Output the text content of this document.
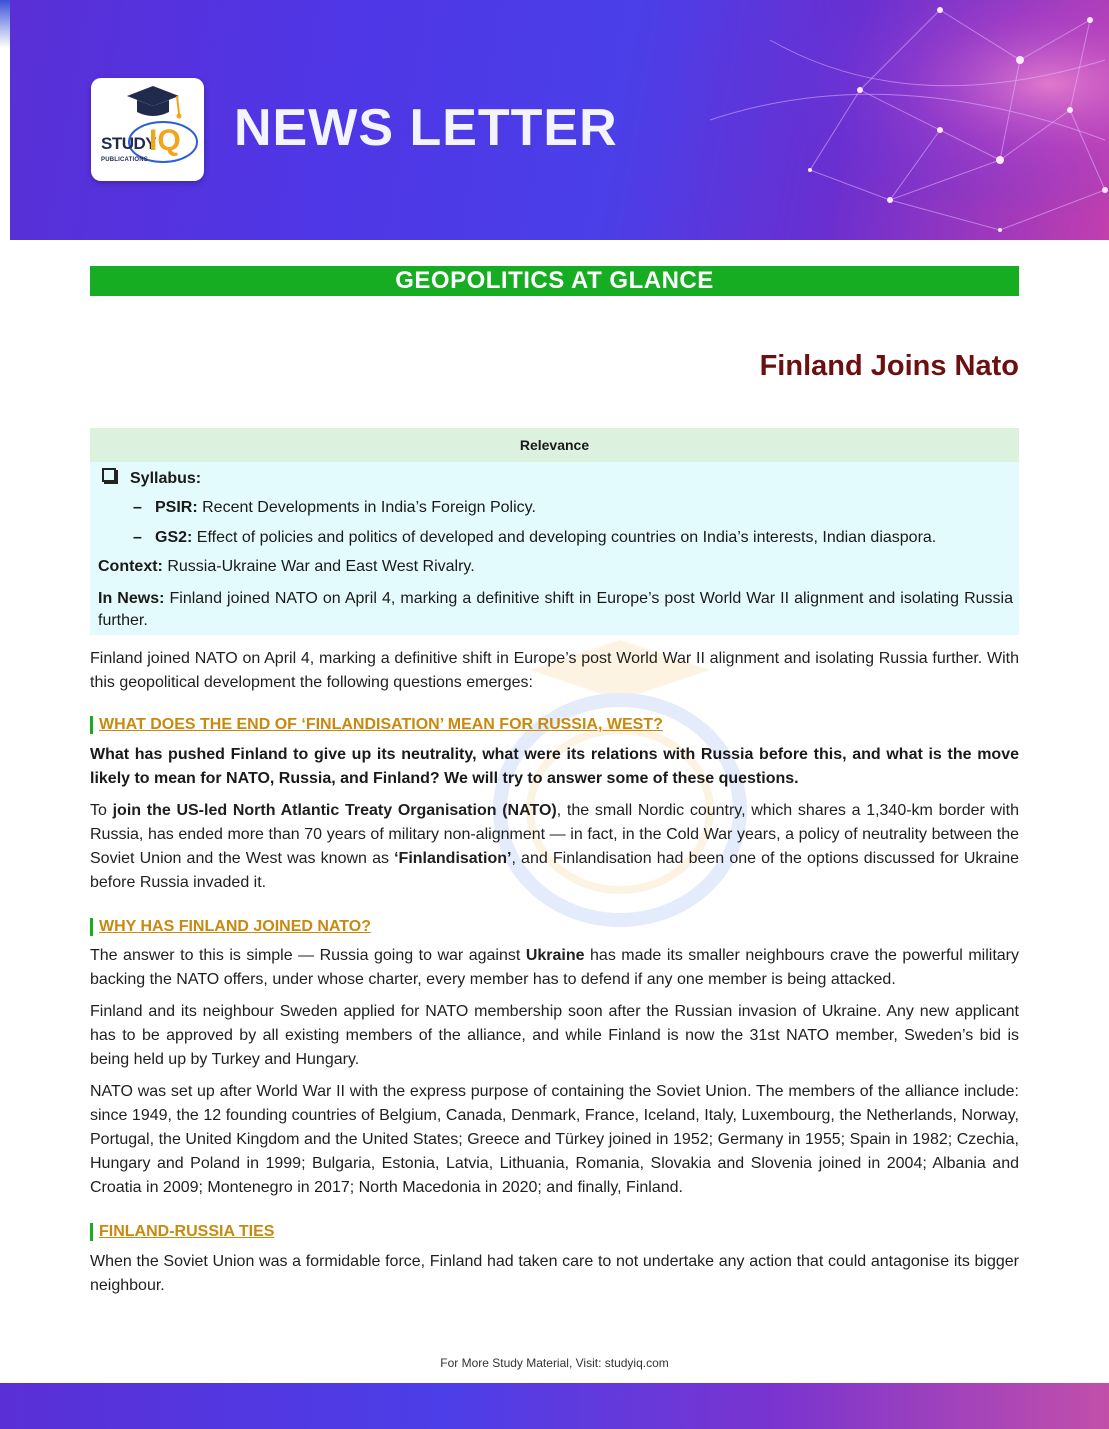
STUDY
IQ
PUBLICATIONS
NEWS LETTER
GEOPOLITICS AT GLANCE
Finland Joins Nato
Relevance
Syllabus:
– PSIR: Recent Developments in India’s Foreign Policy.
– GS2: Effect of policies and politics of developed and developing countries on India’s interests, Indian diaspora.
Context: Russia-Ukraine War and East West Rivalry.
In News: Finland joined NATO on April 4, marking a definitive shift in Europe’s post World War II alignment and isolating Russia further.
Finland joined NATO on April 4, marking a definitive shift in Europe’s post World War II alignment and isolating Russia further. With this geopolitical development the following questions emerges:
WHAT DOES THE END OF ‘FINLANDISATION’ MEAN FOR RUSSIA, WEST?
What has pushed Finland to give up its neutrality, what were its relations with Russia before this, and what is the move likely to mean for NATO, Russia, and Finland? We will try to answer some of these questions.
To join the US-led North Atlantic Treaty Organisation (NATO), the small Nordic country, which shares a 1,340-km border with Russia, has ended more than 70 years of military non-alignment — in fact, in the Cold War years, a policy of neutrality between the Soviet Union and the West was known as ‘Finlandisation’, and Finlandisation had been one of the options discussed for Ukraine before Russia invaded it.
WHY HAS FINLAND JOINED NATO?
The answer to this is simple — Russia going to war against Ukraine has made its smaller neighbours crave the powerful military backing the NATO offers, under whose charter, every member has to defend if any one member is being attacked.
Finland and its neighbour Sweden applied for NATO membership soon after the Russian invasion of Ukraine. Any new applicant has to be approved by all existing members of the alliance, and while Finland is now the 31st NATO member, Sweden’s bid is being held up by Turkey and Hungary.
NATO was set up after World War II with the express purpose of containing the Soviet Union. The members of the alliance include: since 1949, the 12 founding countries of Belgium, Canada, Denmark, France, Iceland, Italy, Luxembourg, the Netherlands, Norway, Portugal, the United Kingdom and the United States; Greece and Türkey joined in 1952; Germany in 1955; Spain in 1982; Czechia, Hungary and Poland in 1999; Bulgaria, Estonia, Latvia, Lithuania, Romania, Slovakia and Slovenia joined in 2004; Albania and Croatia in 2009; Montenegro in 2017; North Macedonia in 2020; and finally, Finland.
FINLAND-RUSSIA TIES
When the Soviet Union was a formidable force, Finland had taken care to not undertake any action that could antagonise its bigger neighbour.
For More Study Material, Visit: studyiq.com
